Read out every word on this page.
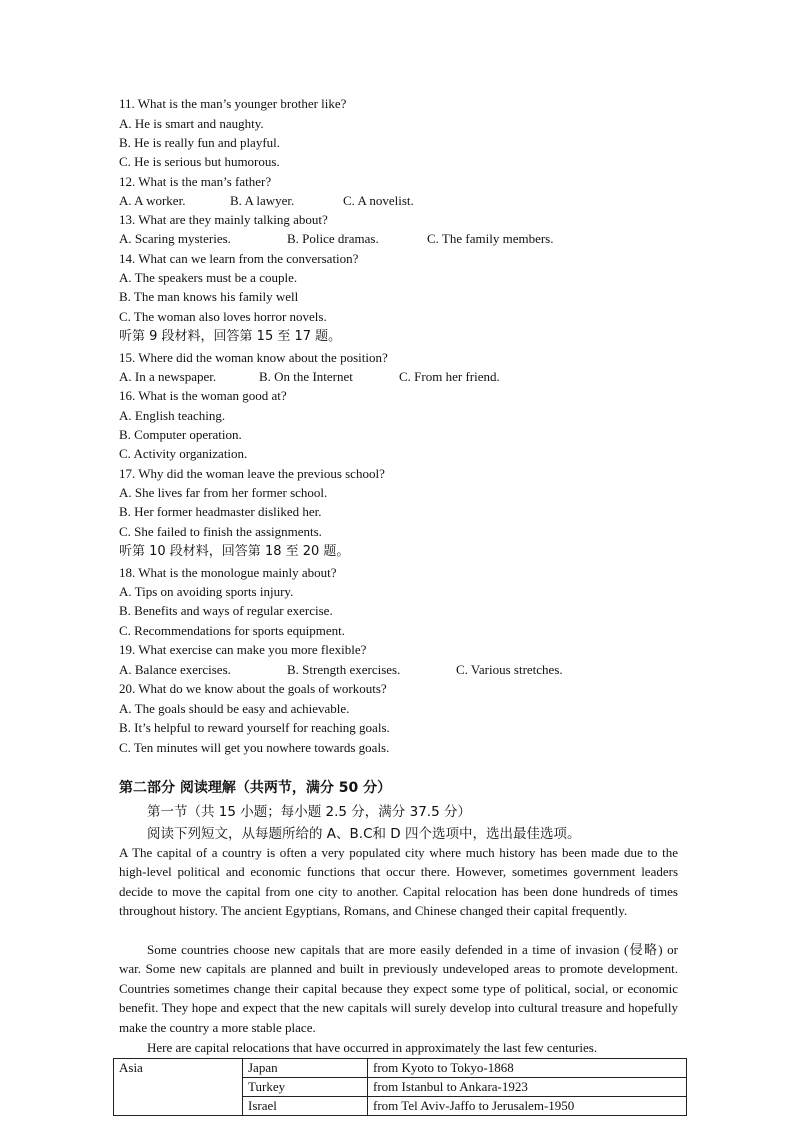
11. What is the man’s younger brother like?
A. He is smart and naughty.
B. He is really fun and playful.
C. He is serious but humorous.
12. What is the man’s father?
A. A worker.	B. A lawyer.	C. A novelist.
13. What are they mainly talking about?
A. Scaring mysteries.	B. Police dramas.	C. The family members.
14. What can we learn from the conversation?
A. The speakers must be a couple.
B. The man knows his family well
C. The woman also loves horror novels.
听第 9 段材料，回答第 15 至 17 题。
15. Where did the woman know about the position?
A. In a newspaper.	B. On the Internet	C. From her friend.
16. What is the woman good at?
A. English teaching.
B. Computer operation.
C. Activity organization.
17. Why did the woman leave the previous school?
A. She lives far from her former school.
B. Her former headmaster disliked her.
C. She failed to finish the assignments.
听第 10 段材料，回答第 18 至 20 题。
18. What is the monologue mainly about?
A. Tips on avoiding sports injury.
B. Benefits and ways of regular exercise.
C. Recommendations for sports equipment.
19. What exercise can make you more flexible?
A. Balance exercises.	B. Strength exercises.	C. Various stretches.
20. What do we know about the goals of workouts?
A. The goals should be easy and achievable.
B. It’s helpful to reward yourself for reaching goals.
C. Ten minutes will get you nowhere towards goals.
第二部分 阅读理解（共两节，满分 50 分）
第一节（共 15 小题；每小题 2.5 分，满分 37.5 分）
阅读下列短文，从每题所给的 A、B.C和 D 四个选项中，选出最佳选项。
A The capital of a country is often a very populated city where much history has been made due to the high-level political and economic functions that occur there. However, sometimes government leaders decide to move the capital from one city to another. Capital relocation has been done hundreds of times throughout history. The ancient Egyptians, Romans, and Chinese changed their capital frequently.
Some countries choose new capitals that are more easily defended in a time of invasion (侵略) or war. Some new capitals are planned and built in previously undeveloped areas to promote development. Countries sometimes change their capital because they expect some type of political, social, or economic benefit. They hope and expect that the new capitals will surely develop into cultural treasure and hopefully make the country a more stable place.
Here are capital relocations that have occurred in approximately the last few centuries.
Asia	Japan	from Kyoto to Tokyo-1868
	Turkey	from Istanbul to Ankara-1923
	Israel	from Tel Aviv-Jaffo to Jerusalem-1950
